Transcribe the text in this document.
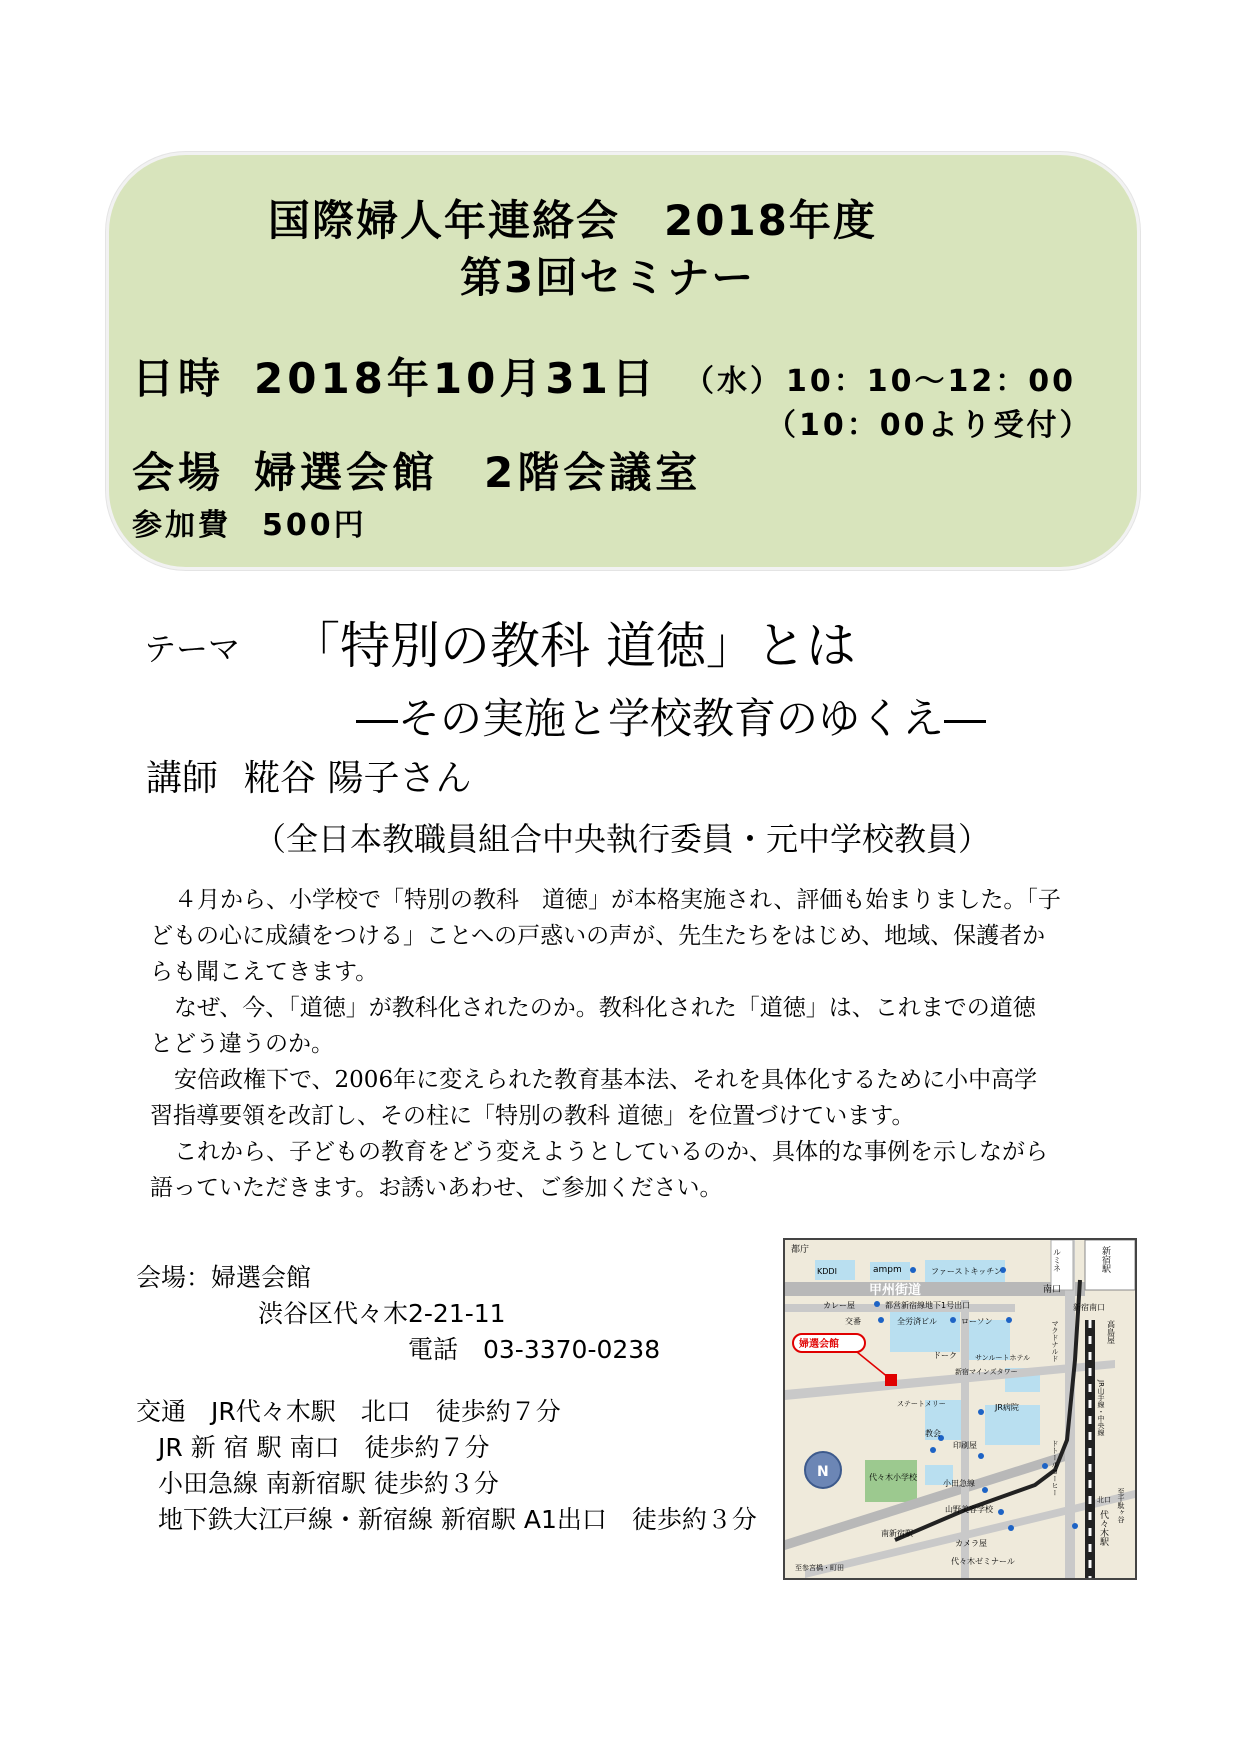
国際婦人年連絡会　2018年度
第3回セミナー
日時 2018年10月31日 （水） 10：10～12：00
（10：00より受付）
会場 婦選会館　2階会議室
参加費 500円
テーマ 「特別の教科 道徳」とは
―その実施と学校教育のゆくえ―
講師 糀谷 陽子さん
（全日本教職員組合中央執行委員・元中学校教員）
４月から、小学校で「特別の教科　道徳」が本格実施され、評価も始まりました。「子
どもの心に成績をつける」ことへの戸惑いの声が、先生たちをはじめ、地域、保護者か
らも聞こえてきます。
なぜ、今、「道徳」が教科化されたのか。教科化された「道徳」は、これまでの道徳
とどう違うのか。
安倍政権下で、2006年に変えられた教育基本法、それを具体化するために小中高学
習指導要領を改訂し、その柱に「特別の教科 道徳」を位置づけています。
これから、子どもの教育をどう変えようとしているのか、具体的な事例を示しながら
語っていただきます。お誘いあわせ、ご参加ください。
会場：婦選会館
渋谷区代々木2-21-11
電話　03-3370-0238
交通　JR代々木駅　北口　徒歩約７分
JR 新 宿 駅 南口　徒歩約７分
小田急線 南新宿駅 徒歩約３分
地下鉄大江戸線・新宿線 新宿駅 A1出口　徒歩約３分
N
都庁
KDDI	ampm	ファーストキッチン
南口
甲州街道
カレー屋
交番
都営新宿線地下1号出口	新宿南口
全労済ビル	ローソン
婦選会館
ドーク	サンルートホテル
新宿マインズタワー
ステートメリー	JR病院
教会
印刷屋
代々木小学校
小田急線
南新宿駅
山野美容学校
カメラ屋
代々木ゼミナール
至参宮橋・町田
北口
ルミネ	新宿駅
マクドナルド	高島屋
JR山手線・中央線
ドトールコーヒー
代々木駅
至千駄ヶ谷
